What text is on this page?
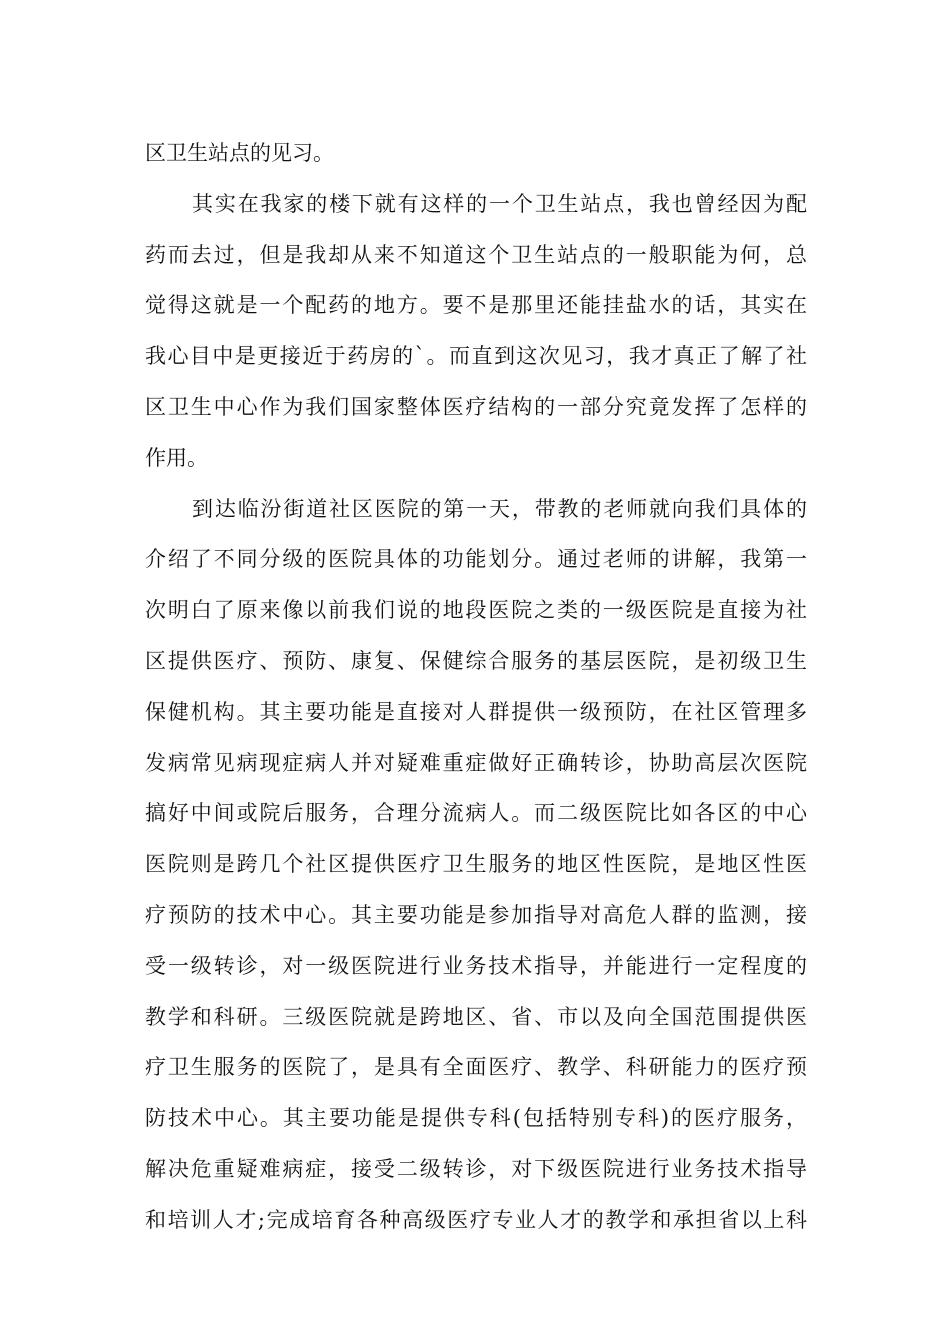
区卫生站点的见习。
其实在我家的楼下就有这样的一个卫生站点，我也曾经因为配
药而去过，但是我却从来不知道这个卫生站点的一般职能为何，总
觉得这就是一个配药的地方。要不是那里还能挂盐水的话，其实在
我心目中是更接近于药房的`。而直到这次见习，我才真正了解了社
区卫生中心作为我们国家整体医疗结构的一部分究竟发挥了怎样的
作用。
到达临汾街道社区医院的第一天，带教的老师就向我们具体的
介绍了不同分级的医院具体的功能划分。通过老师的讲解，我第一
次明白了原来像以前我们说的地段医院之类的一级医院是直接为社
区提供医疗、预防、康复、保健综合服务的基层医院，是初级卫生
保健机构。其主要功能是直接对人群提供一级预防，在社区管理多
发病常见病现症病人并对疑难重症做好正确转诊，协助高层次医院
搞好中间或院后服务，合理分流病人。而二级医院比如各区的中心
医院则是跨几个社区提供医疗卫生服务的地区性医院，是地区性医
疗预防的技术中心。其主要功能是参加指导对高危人群的监测，接
受一级转诊，对一级医院进行业务技术指导，并能进行一定程度的
教学和科研。三级医院就是跨地区、省、市以及向全国范围提供医
疗卫生服务的医院了，是具有全面医疗、教学、科研能力的医疗预
防技术中心。其主要功能是提供专科(包括特别专科)的医疗服务，
解决危重疑难病症，接受二级转诊，对下级医院进行业务技术指导
和培训人才;完成培育各种高级医疗专业人才的教学和承担省以上科
